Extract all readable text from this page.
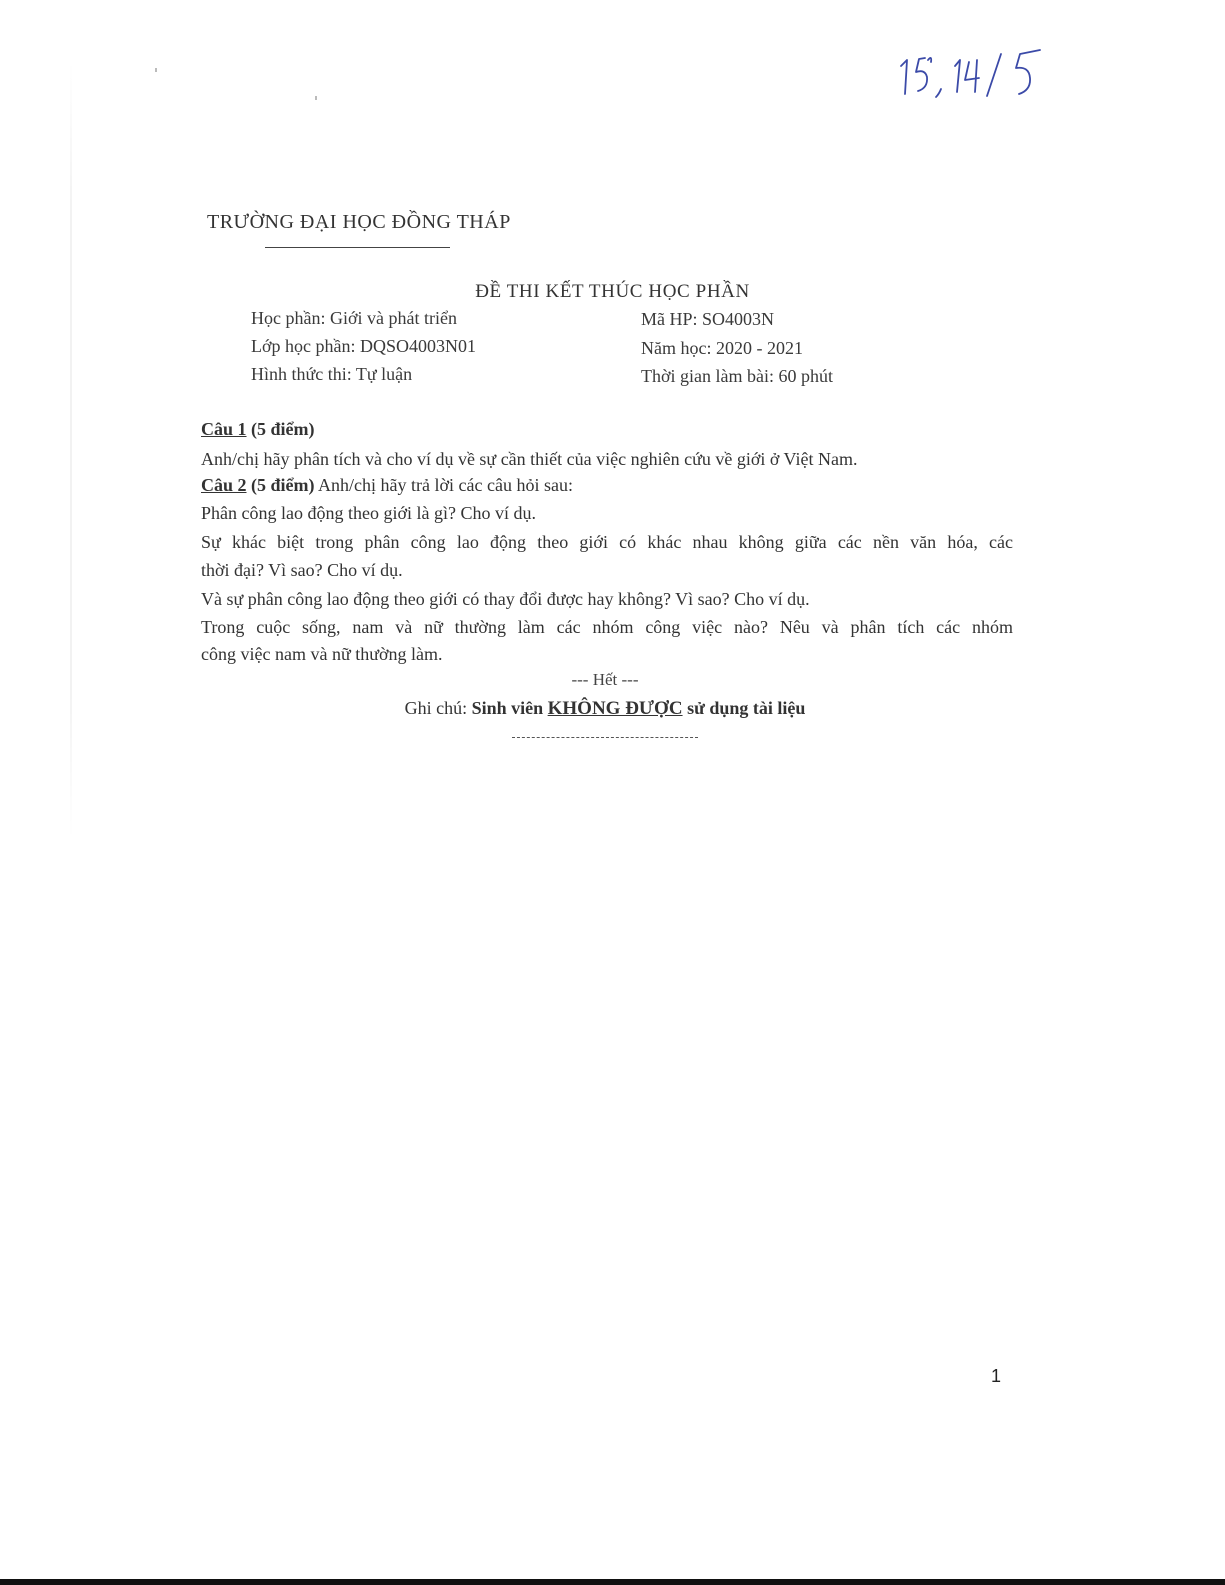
TRƯỜNG ĐẠI HỌC ĐỒNG THÁP
ĐỀ THI KẾT THÚC HỌC PHẦN
Học phần: Giới và phát triển	Mã HP: SO4003N
Lớp học phần: DQSO4003N01	Năm học: 2020 - 2021
Hình thức thi: Tự luận	Thời gian làm bài: 60 phút
Câu 1 (5 điểm)
Anh/chị hãy phân tích và cho ví dụ về sự cần thiết của việc nghiên cứu về giới ở Việt Nam.
Câu 2 (5 điểm) Anh/chị hãy trả lời các câu hỏi sau:
Phân công lao động theo giới là gì? Cho ví dụ.
Sự khác biệt trong phân công lao động theo giới có khác nhau không giữa các nền văn hóa, các
thời đại? Vì sao? Cho ví dụ.
Và sự phân công lao động theo giới có thay đổi được hay không? Vì sao? Cho ví dụ.
Trong cuộc sống, nam và nữ thường làm các nhóm công việc nào? Nêu và phân tích các nhóm
công việc nam và nữ thường làm.
--- Hết ---
Ghi chú: Sinh viên KHÔNG ĐƯỢC sử dụng tài liệu
1
